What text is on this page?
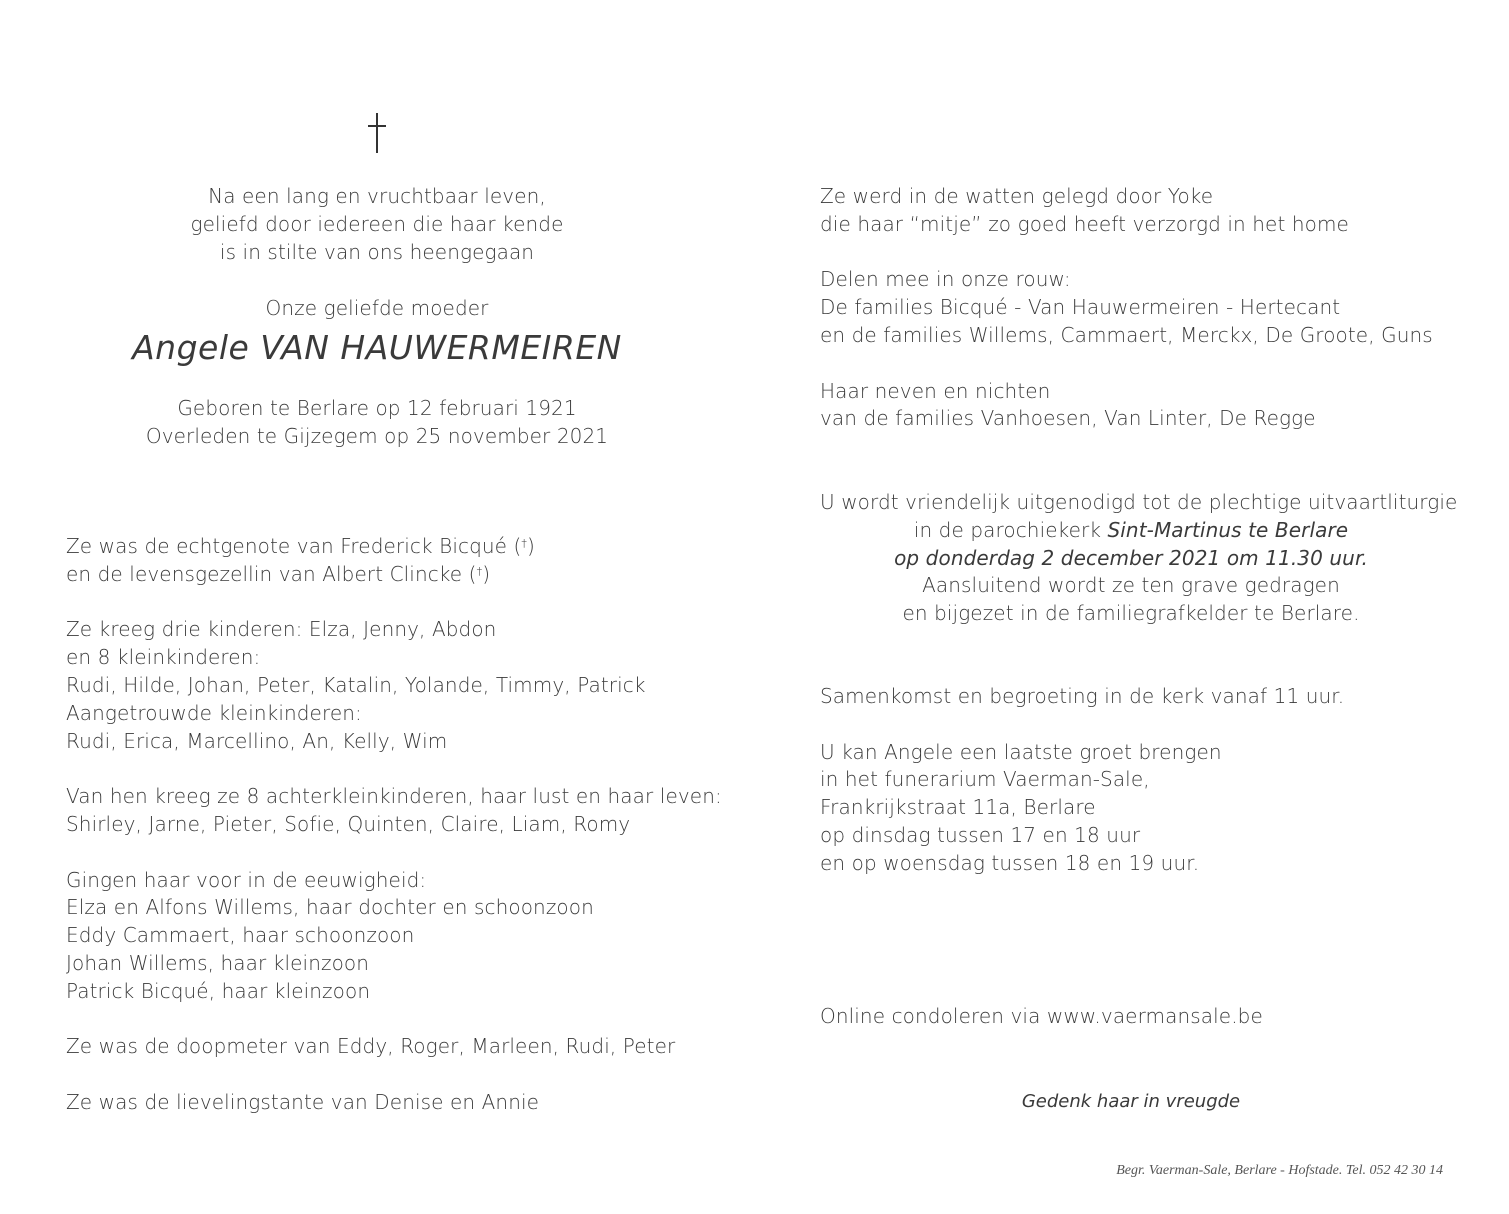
Na een lang en vruchtbaar leven,
geliefd door iedereen die haar kende
is in stilte van ons heengegaan
Onze geliefde moeder
Angele VAN HAUWERMEIREN
Geboren te Berlare op 12 februari 1921
Overleden te Gijzegem op 25 november 2021
Ze was de echtgenote van Frederick Bicqué (†)
en de levensgezellin van Albert Clincke (†)
Ze kreeg drie kinderen: Elza, Jenny, Abdon
en 8 kleinkinderen:
Rudi, Hilde, Johan, Peter, Katalin, Yolande, Timmy, Patrick
Aangetrouwde kleinkinderen:
Rudi, Erica, Marcellino, An, Kelly, Wim
Van hen kreeg ze 8 achterkleinkinderen, haar lust en haar leven:
Shirley, Jarne, Pieter, Sofie, Quinten, Claire, Liam, Romy
Gingen haar voor in de eeuwigheid:
Elza en Alfons Willems, haar dochter en schoonzoon
Eddy Cammaert, haar schoonzoon
Johan Willems, haar kleinzoon
Patrick Bicqué, haar kleinzoon
Ze was de doopmeter van Eddy, Roger, Marleen, Rudi, Peter
Ze was de lievelingstante van Denise en Annie
Ze werd in de watten gelegd door Yoke
die haar “mitje” zo goed heeft verzorgd in het home
Delen mee in onze rouw:
De families Bicqué - Van Hauwermeiren - Hertecant
en de families Willems, Cammaert, Merckx, De Groote, Guns
Haar neven en nichten
van de families Vanhoesen, Van Linter, De Regge
U wordt vriendelijk uitgenodigd tot de plechtige uitvaartliturgie
in de parochiekerk Sint-Martinus te Berlare
op donderdag 2 december 2021 om 11.30 uur.
Aansluitend wordt ze ten grave gedragen
en bijgezet in de familiegrafkelder te Berlare.
Samenkomst en begroeting in de kerk vanaf 11 uur.
U kan Angele een laatste groet brengen
in het funerarium Vaerman-Sale,
Frankrijkstraat 11a, Berlare
op dinsdag tussen 17 en 18 uur
en op woensdag tussen 18 en 19 uur.
Online condoleren via www.vaermansale.be
Gedenk haar in vreugde
Begr. Vaerman-Sale, Berlare - Hofstade. Tel. 052 42 30 14
